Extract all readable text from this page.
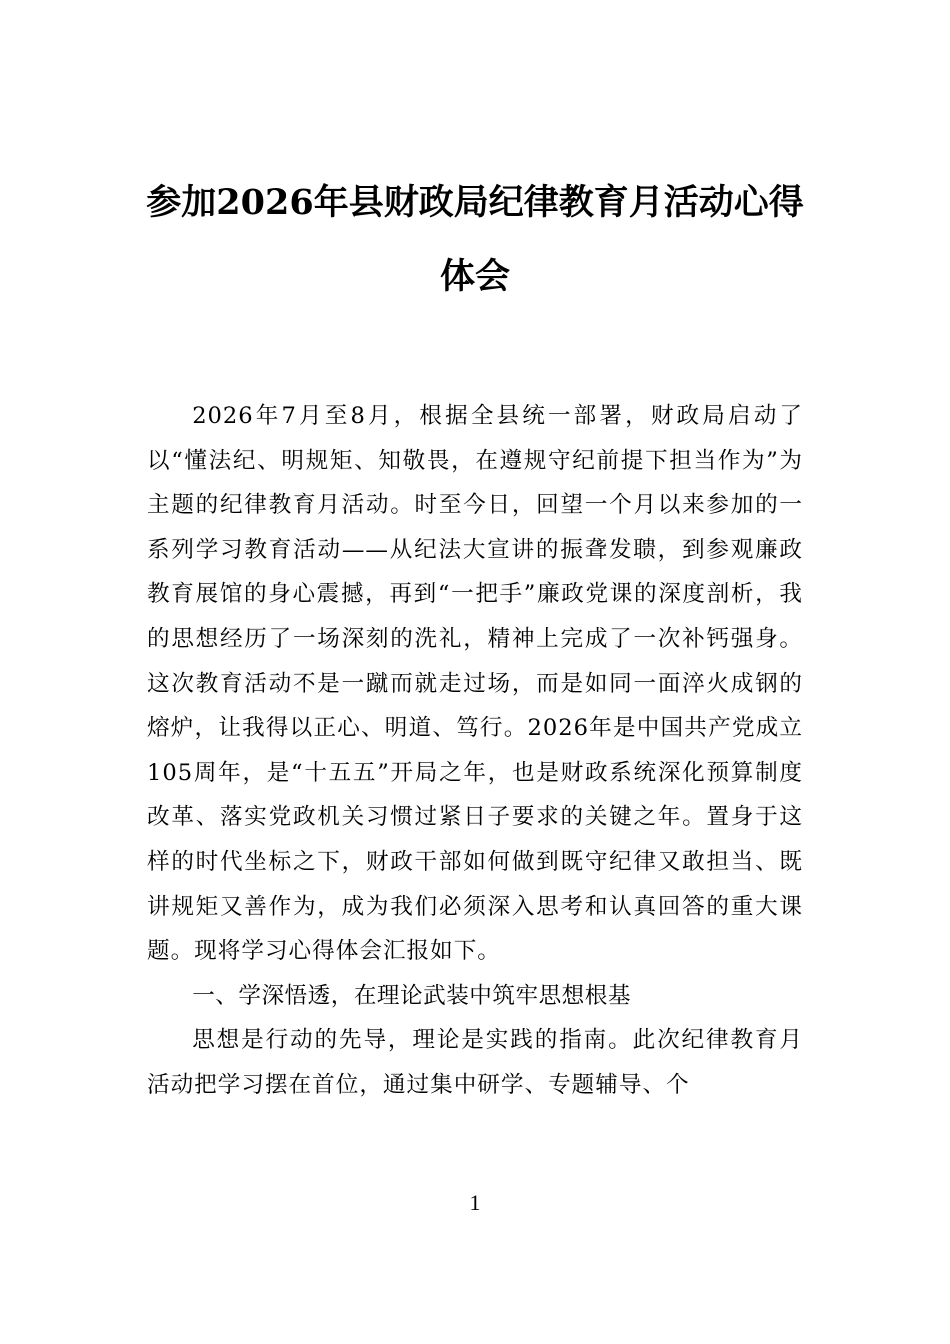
参加2026年县财政局纪律教育月活动心得体会

2026年7月至8月，根据全县统一部署，财政局启动了以“懂法纪、明规矩、知敬畏，在遵规守纪前提下担当作为”为主题的纪律教育月活动。时至今日，回望一个月以来参加的一系列学习教育活动——从纪法大宣讲的振聋发聩，到参观廉政教育展馆的身心震撼，再到“一把手”廉政党课的深度剖析，我的思想经历了一场深刻的洗礼，精神上完成了一次补钙强身。这次教育活动不是一蹴而就走过场，而是如同一面淬火成钢的熔炉，让我得以正心、明道、笃行。2026年是中国共产党成立105周年，是“十五五”开局之年，也是财政系统深化预算制度改革、落实党政机关习惯过紧日子要求的关键之年。置身于这样的时代坐标之下，财政干部如何做到既守纪律又敢担当、既讲规矩又善作为，成为我们必须深入思考和认真回答的重大课题。现将学习心得体会汇报如下。

一、学深悟透，在理论武装中筑牢思想根基

思想是行动的先导，理论是实践的指南。此次纪律教育月活动把学习摆在首位，通过集中研学、专题辅导、个

1
